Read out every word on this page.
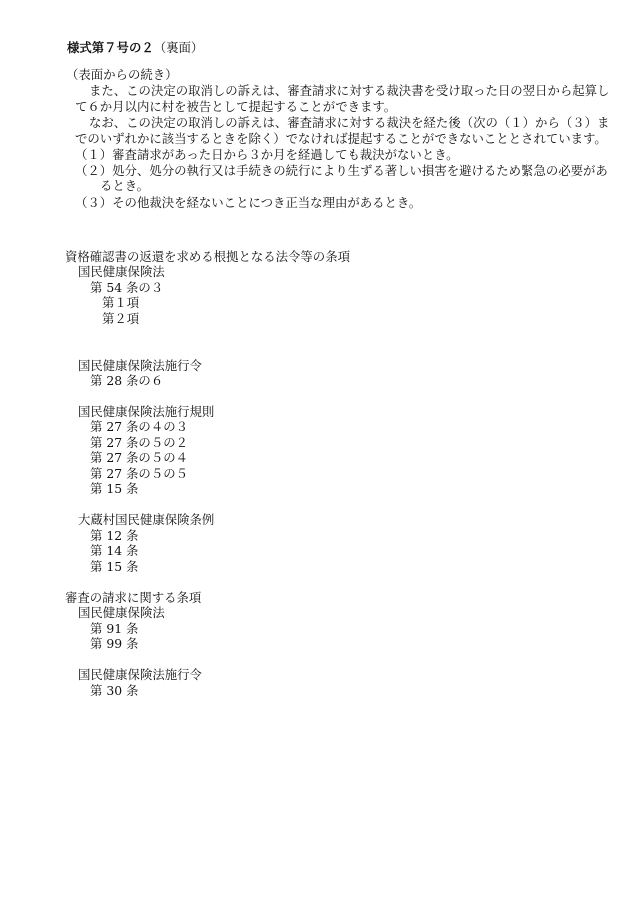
様式第７号の２（裏面）
（表面からの続き）
また、この決定の取消しの訴えは、審査請求に対する裁決書を受け取った日の翌日から起算し
て６か月以内に村を被告として提起することができます。
なお、この決定の取消しの訴えは、審査請求に対する裁決を経た後（次の（１）から（３）ま
でのいずれかに該当するときを除く）でなければ提起することができないこととされています。
（１）審査請求があった日から３か月を経過しても裁決がないとき。
（２）処分、処分の執行又は手続きの続行により生ずる著しい損害を避けるため緊急の必要があ
るとき。
（３）その他裁決を経ないことにつき正当な理由があるとき。
資格確認書の返還を求める根拠となる法令等の条項
国民健康保険法
第 54 条の３
第１項
第２項
国民健康保険法施行令
第 28 条の６
国民健康保険法施行規則
第 27 条の４の３
第 27 条の５の２
第 27 条の５の４
第 27 条の５の５
第 15 条
大蔵村国民健康保険条例
第 12 条
第 14 条
第 15 条
審査の請求に関する条項
国民健康保険法
第 91 条
第 99 条
国民健康保険法施行令
第 30 条
